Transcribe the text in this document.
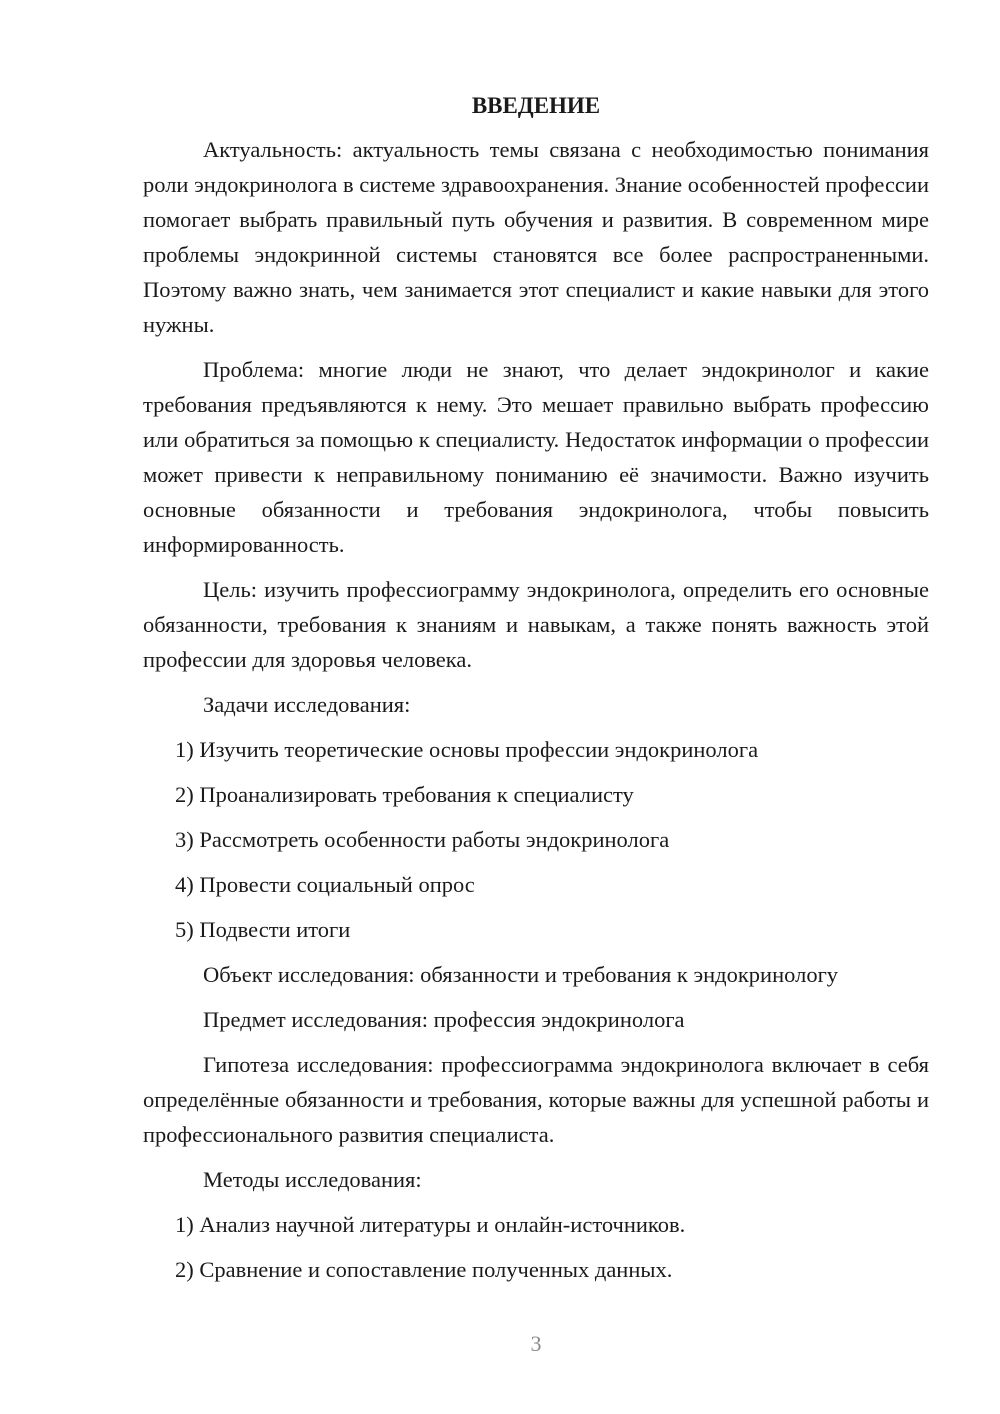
ВВЕДЕНИЕ

Актуальность: актуальность темы связана с необходимостью понимания роли эндокринолога в системе здравоохранения. Знание особенностей профессии помогает выбрать правильный путь обучения и развития. В современном мире проблемы эндокринной системы становятся все более распространенными. Поэтому важно знать, чем занимается этот специалист и какие навыки для этого нужны.

Проблема: многие люди не знают, что делает эндокринолог и какие требования предъявляются к нему. Это мешает правильно выбрать профессию или обратиться за помощью к специалисту. Недостаток информации о профессии может привести к неправильному пониманию её значимости. Важно изучить основные обязанности и требования эндокринолога, чтобы повысить информированность.

Цель: изучить профессиограмму эндокринолога, определить его основные обязанности, требования к знаниям и навыкам, а также понять важность этой профессии для здоровья человека.

Задачи исследования:
1) Изучить теоретические основы профессии эндокринолога
2) Проанализировать требования к специалисту
3) Рассмотреть особенности работы эндокринолога
4) Провести социальный опрос
5) Подвести итоги
Объект исследования: обязанности и требования к эндокринологу
Предмет исследования: профессия эндокринолога

Гипотеза исследования: профессиограмма эндокринолога включает в себя определённые обязанности и требования, которые важны для успешной работы и профессионального развития специалиста.

Методы исследования:
1) Анализ научной литературы и онлайн-источников.
2) Сравнение и сопоставление полученных данных.
3
